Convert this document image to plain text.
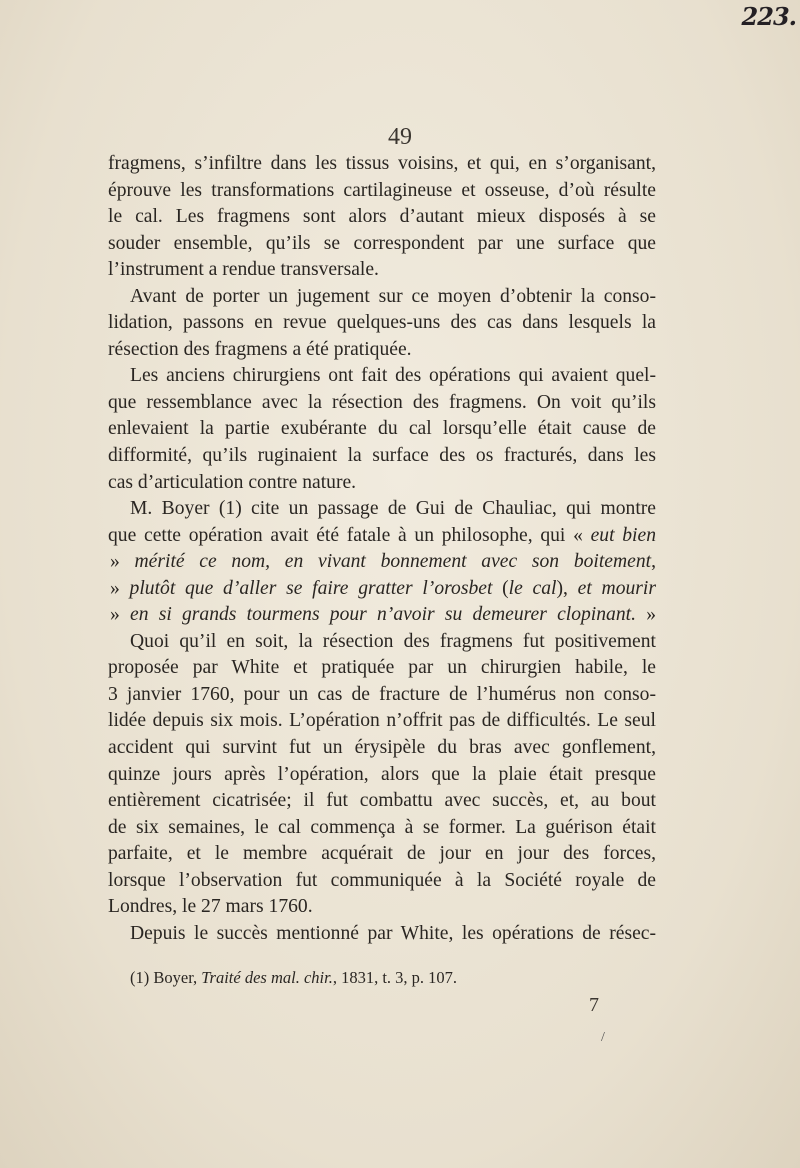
223.
49
fragmens, s’infiltre dans les tissus voisins, et qui, en s’organisant,
éprouve les transformations cartilagineuse et osseuse, d’où résulte
le cal. Les fragmens sont alors d’autant mieux disposés à se
souder ensemble, qu’ils se correspondent par une surface que
l’instrument a rendue transversale.
Avant de porter un jugement sur ce moyen d’obtenir la conso-
lidation, passons en revue quelques-uns des cas dans lesquels la
résection des fragmens a été pratiquée.
Les anciens chirurgiens ont fait des opérations qui avaient quel-
que ressemblance avec la résection des fragmens. On voit qu’ils
enlevaient la partie exubérante du cal lorsqu’elle était cause de
difformité, qu’ils ruginaient la surface des os fracturés, dans les
cas d’articulation contre nature.
M. Boyer (1) cite un passage de Gui de Chauliac, qui montre
que cette opération avait été fatale à un philosophe, qui « eut bien
» mérité ce nom, en vivant bonnement avec son boitement,
» plutôt que d’aller se faire gratter l’orosbet (le cal), et mourir
» en si grands tourmens pour n’avoir su demeurer clopinant. »
Quoi qu’il en soit, la résection des fragmens fut positivement
proposée par White et pratiquée par un chirurgien habile, le
3 janvier 1760, pour un cas de fracture de l’humérus non conso-
lidée depuis six mois. L’opération n’offrit pas de difficultés. Le seul
accident qui survint fut un érysipèle du bras avec gonflement,
quinze jours après l’opération, alors que la plaie était presque
entièrement cicatrisée; il fut combattu avec succès, et, au bout
de six semaines, le cal commença à se former. La guérison était
parfaite, et le membre acquérait de jour en jour des forces,
lorsque l’observation fut communiquée à la Société royale de
Londres, le 27 mars 1760.
Depuis le succès mentionné par White, les opérations de résec-
(1) Boyer, Traité des mal. chir., 1831, t. 3, p. 107.
7
/
